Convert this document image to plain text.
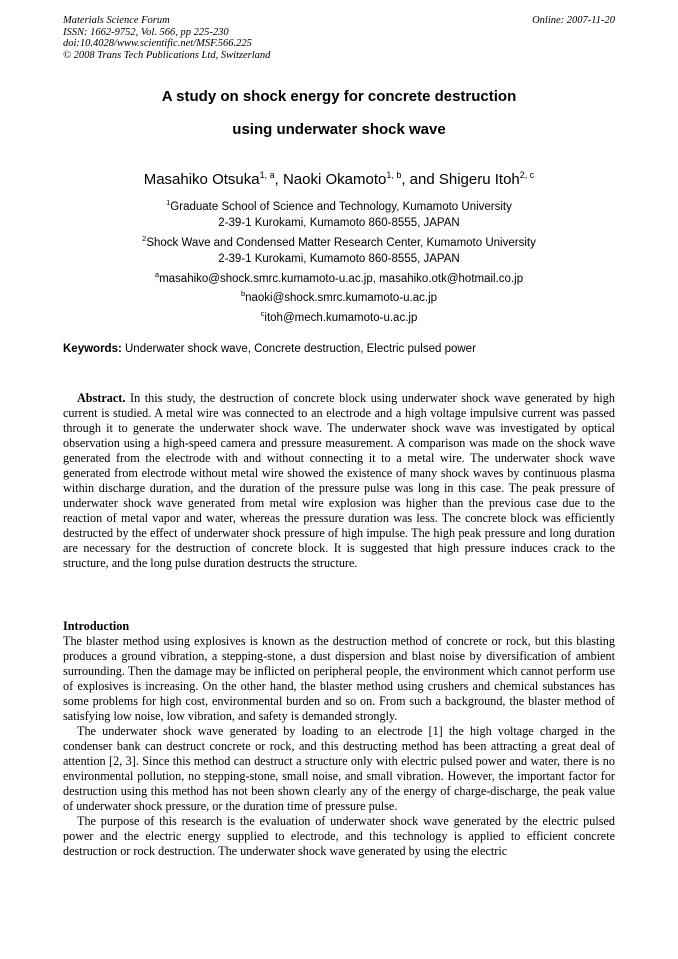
Materials Science Forum
ISSN: 1662-9752, Vol. 566, pp 225-230
doi:10.4028/www.scientific.net/MSF.566.225
© 2008 Trans Tech Publications Ltd, Switzerland
Online: 2007-11-20
A study on shock energy for concrete destruction
using underwater shock wave
Masahiko Otsuka$^{1, a}$, Naoki Okamoto$^{1, b}$, and Shigeru Itoh$^{2, c}$
$^1$Graduate School of Science and Technology, Kumamoto University
2-39-1 Kurokami, Kumamoto 860-8555, JAPAN
$^2$Shock Wave and Condensed Matter Research Center, Kumamoto University
2-39-1 Kurokami, Kumamoto 860-8555, JAPAN
$^a$masahiko@shock.smrc.kumamoto-u.ac.jp, masahiko.otk@hotmail.co.jp
$^b$naoki@shock.smrc.kumamoto-u.ac.jp
$^c$itoh@mech.kumamoto-u.ac.jp
Keywords: Underwater shock wave, Concrete destruction, Electric pulsed power

Abstract. In this study, the destruction of concrete block using underwater shock wave generated by high current is studied. A metal wire was connected to an electrode and a high voltage impulsive current was passed through it to generate the underwater shock wave. The underwater shock wave was investigated by optical observation using a high-speed camera and pressure measurement. A comparison was made on the shock wave generated from the electrode with and without connecting it to a metal wire. The underwater shock wave generated from electrode without metal wire showed the existence of many shock waves by continuous plasma within discharge duration, and the duration of the pressure pulse was long in this case. The peak pressure of underwater shock wave generated from metal wire explosion was higher than the previous case due to the reaction of metal vapor and water, whereas the pressure duration was less. The concrete block was efficiently destructed by the effect of underwater shock pressure of high impulse. The high peak pressure and long duration are necessary for the destruction of concrete block. It is suggested that high pressure induces crack to the structure, and the long pulse duration destructs the structure.

Introduction

The blaster method using explosives is known as the destruction method of concrete or rock, but this blasting produces a ground vibration, a stepping-stone, a dust dispersion and blast noise by diversification of ambient surrounding. Then the damage may be inflicted on peripheral people, the environment which cannot perform use of explosives is increasing. On the other hand, the blaster method using crushers and chemical substances has some problems for high cost, environmental burden and so on. From such a background, the blaster method of satisfying low noise, low vibration, and safety is demanded strongly.

The underwater shock wave generated by loading to an electrode [1] the high voltage charged in the condenser bank can destruct concrete or rock, and this destructing method has been attracting a great deal of attention [2, 3]. Since this method can destruct a structure only with electric pulsed power and water, there is no environmental pollution, no stepping-stone, small noise, and small vibration. However, the important factor for destruction using this method has not been shown clearly any of the energy of charge-discharge, the peak value of underwater shock pressure, or the duration time of pressure pulse.

The purpose of this research is the evaluation of underwater shock wave generated by the electric pulsed power and the electric energy supplied to electrode, and this technology is applied to efficient concrete destruction or rock destruction. The underwater shock wave generated by using the electric
